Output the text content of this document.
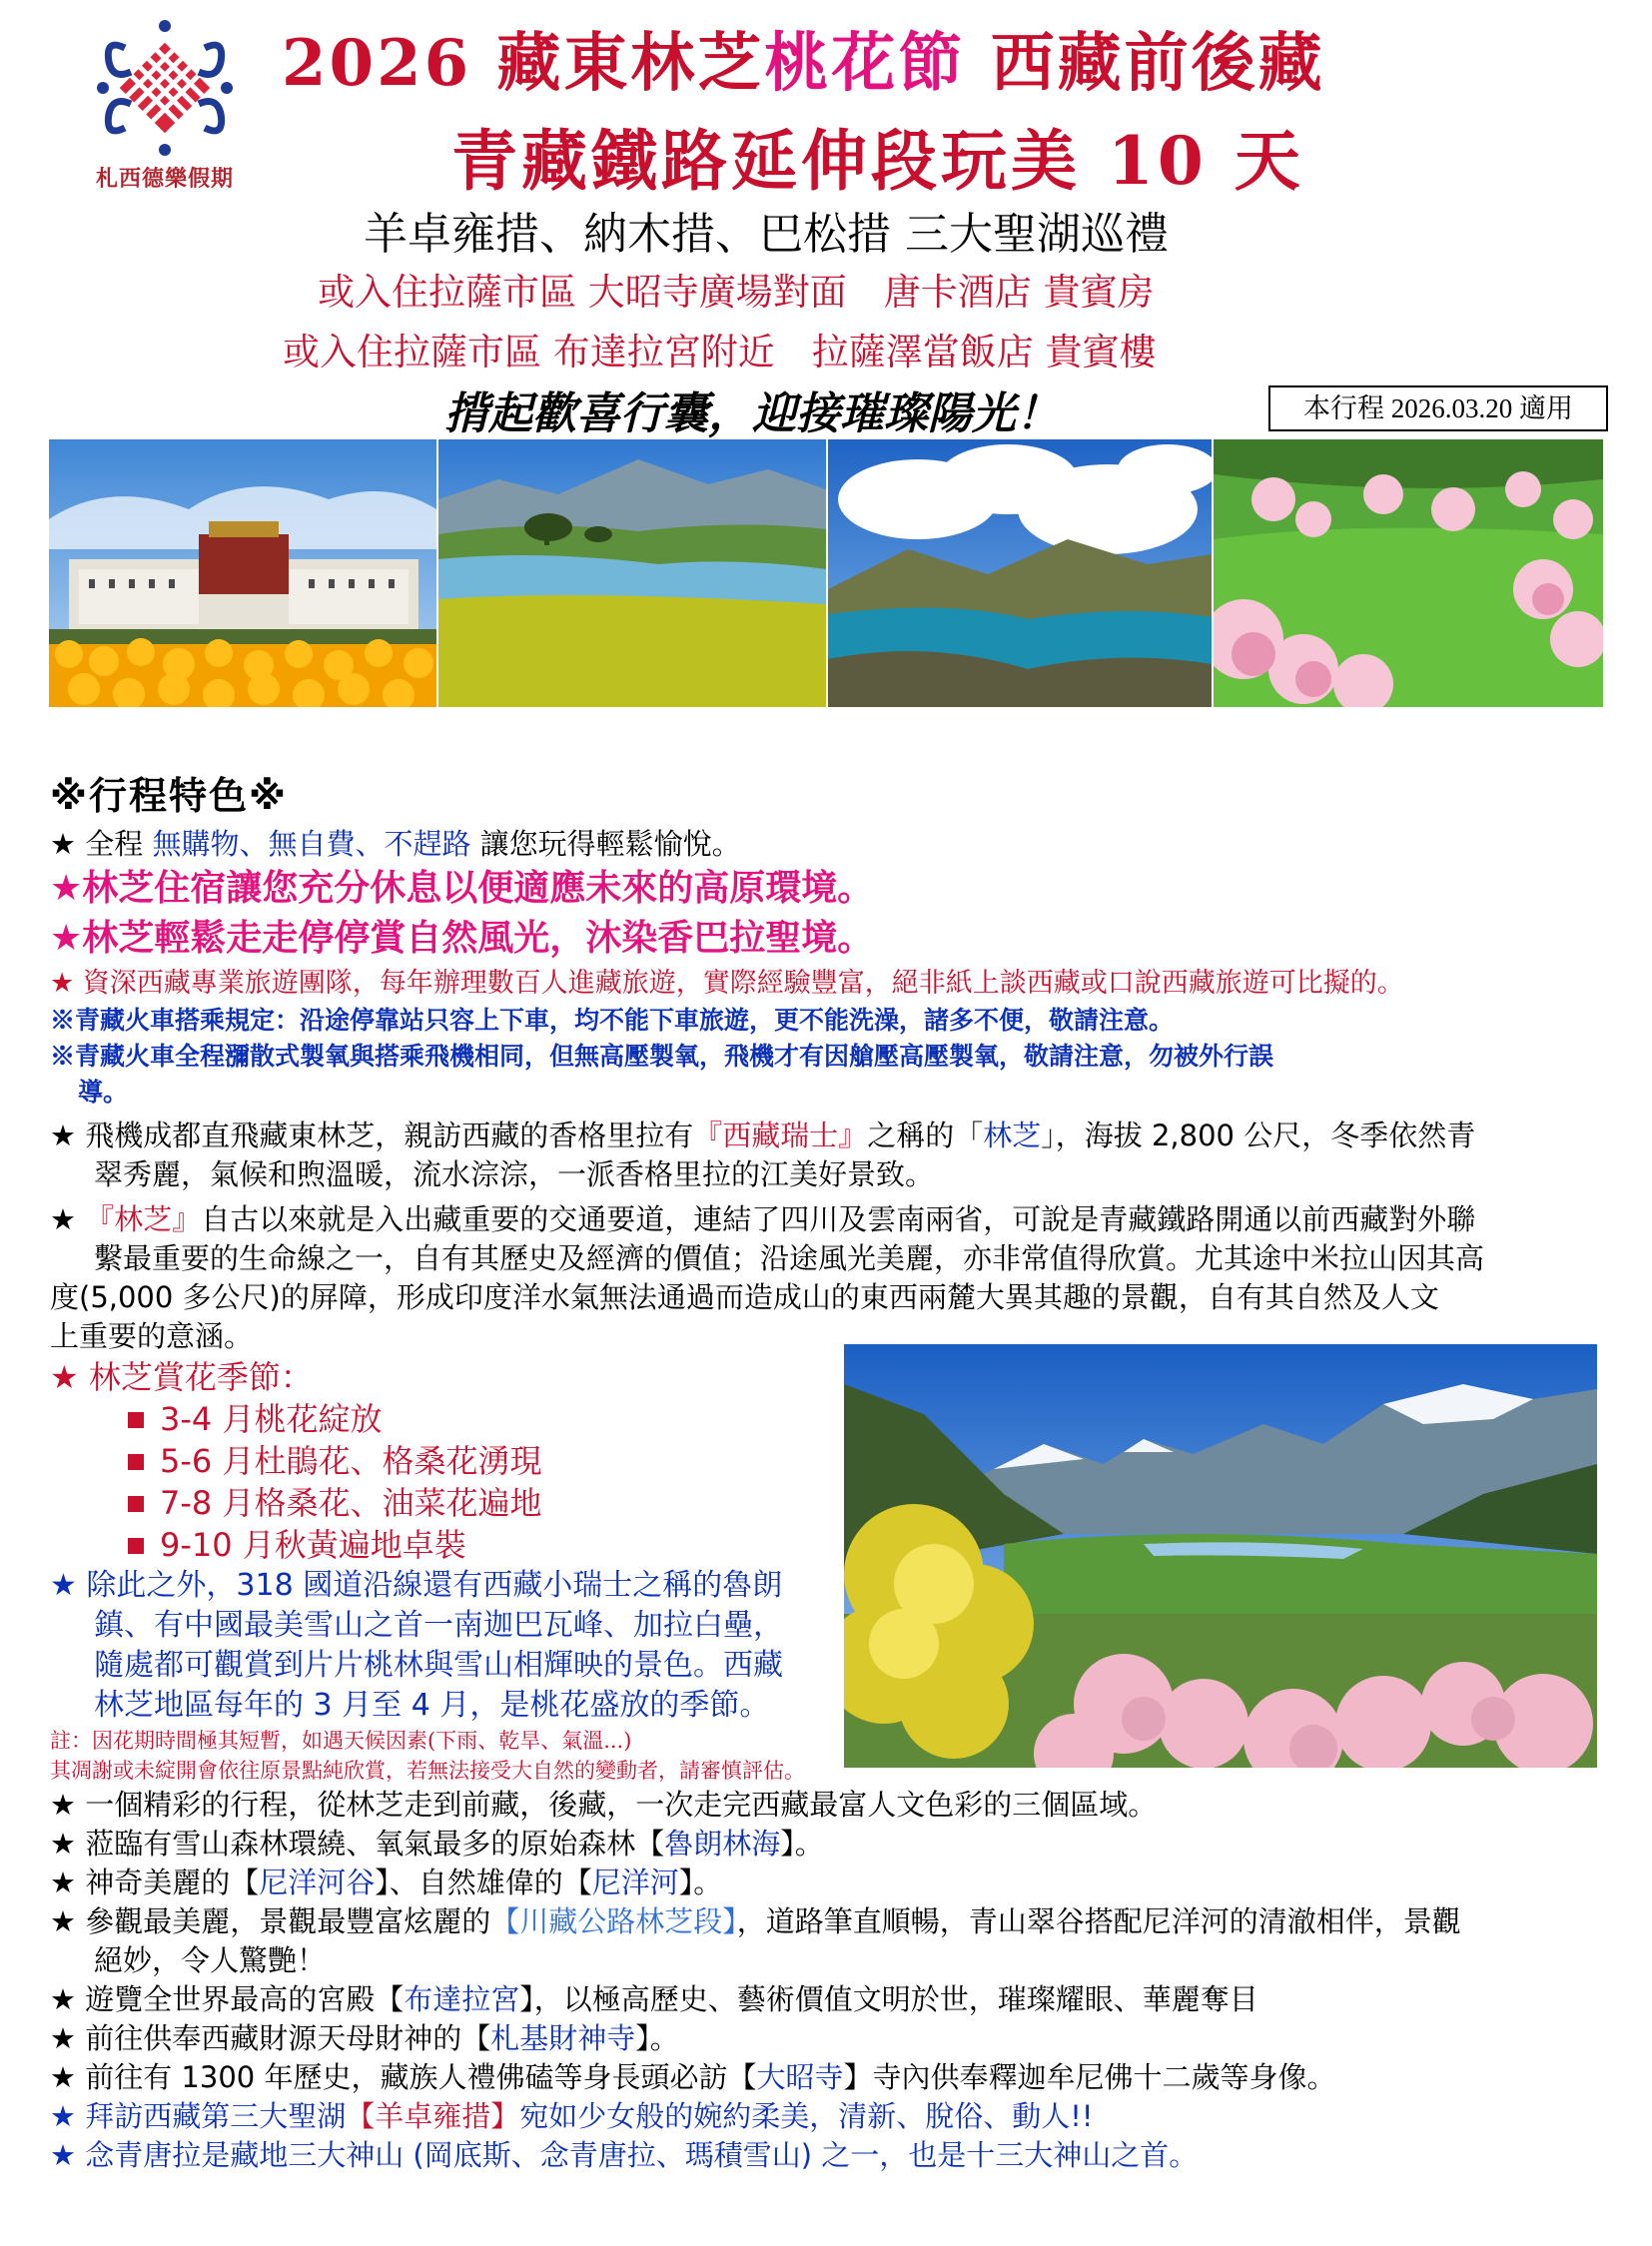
札西德樂假期
2026 藏東林芝桃花節 西藏前後藏
青藏鐵路延伸段玩美 10 天
羊卓雍措、納木措、巴松措 三大聖湖巡禮
或入住拉薩市區 大昭寺廣場對面　唐卡酒店 貴賓房
或入住拉薩市區 布達拉宮附近　拉薩澤當飯店 貴賓樓
揹起歡喜行囊，迎接璀璨陽光！	本行程 2026.03.20 適用
※行程特色※
★ 全程 無購物、無自費、不趕路 讓您玩得輕鬆愉悅。
★林芝住宿讓您充分休息以便適應未來的高原環境。
★林芝輕鬆走走停停賞自然風光，沐染香巴拉聖境。
★ 資深西藏專業旅遊團隊，每年辦理數百人進藏旅遊，實際經驗豐富，絕非紙上談西藏或口說西藏旅遊可比擬的。
※青藏火車搭乘規定：沿途停靠站只容上下車，均不能下車旅遊，更不能洗澡，諸多不便，敬請注意。
※青藏火車全程瀰散式製氧與搭乘飛機相同，但無高壓製氧，飛機才有因艙壓高壓製氧，敬請注意，勿被外行誤
導。
★ 飛機成都直飛藏東林芝，親訪西藏的香格里拉有『西藏瑞士』之稱的「林芝」，海拔 2,800 公尺，冬季依然青
翠秀麗，氣候和煦溫暖，流水淙淙，一派香格里拉的江美好景致。
★ 『林芝』自古以來就是入出藏重要的交通要道，連結了四川及雲南兩省，可說是青藏鐵路開通以前西藏對外聯
繫最重要的生命線之一，自有其歷史及經濟的價值；沿途風光美麗，亦非常值得欣賞。尤其途中米拉山因其高
度(5,000 多公尺)的屏障，形成印度洋水氣無法通過而造成山的東西兩麓大異其趣的景觀，自有其自然及人文
上重要的意涵。
★ 林芝賞花季節：
3-4 月桃花綻放
5-6 月杜鵑花、格桑花湧現
7-8 月格桑花、油菜花遍地
9-10 月秋黃遍地卓裝
★ 除此之外，318 國道沿線還有西藏小瑞士之稱的魯朗
鎮、有中國最美雪山之首一南迦巴瓦峰、加拉白壘，
隨處都可觀賞到片片桃林與雪山相輝映的景色。西藏
林芝地區每年的 3 月至 4 月，是桃花盛放的季節。
註：因花期時間極其短暫，如遇天候因素(下雨、乾旱、氣溫...)
其凋謝或未綻開會依往原景點純欣賞，若無法接受大自然的變動者，請審慎評估。
★ 一個精彩的行程，從林芝走到前藏，後藏，一次走完西藏最富人文色彩的三個區域。
★ 蒞臨有雪山森林環繞、氧氣最多的原始森林【魯朗林海】。
★ 神奇美麗的【尼洋河谷】、自然雄偉的【尼洋河】。
★ 參觀最美麗，景觀最豐富炫麗的【川藏公路林芝段】，道路筆直順暢，青山翠谷搭配尼洋河的清澈相伴，景觀
絕妙，令人驚艷！
★ 遊覽全世界最高的宮殿【布達拉宮】，以極高歷史、藝術價值文明於世，璀璨耀眼、華麗奪目
★ 前往供奉西藏財源天母財神的【札基財神寺】。
★ 前往有 1300 年歷史，藏族人禮佛磕等身長頭必訪【大昭寺】寺內供奉釋迦牟尼佛十二歲等身像。
★ 拜訪西藏第三大聖湖【羊卓雍措】宛如少女般的婉約柔美，清新、脫俗、動人!!
★ 念青唐拉是藏地三大神山 (岡底斯、念青唐拉、瑪積雪山) 之一，也是十三大神山之首。
